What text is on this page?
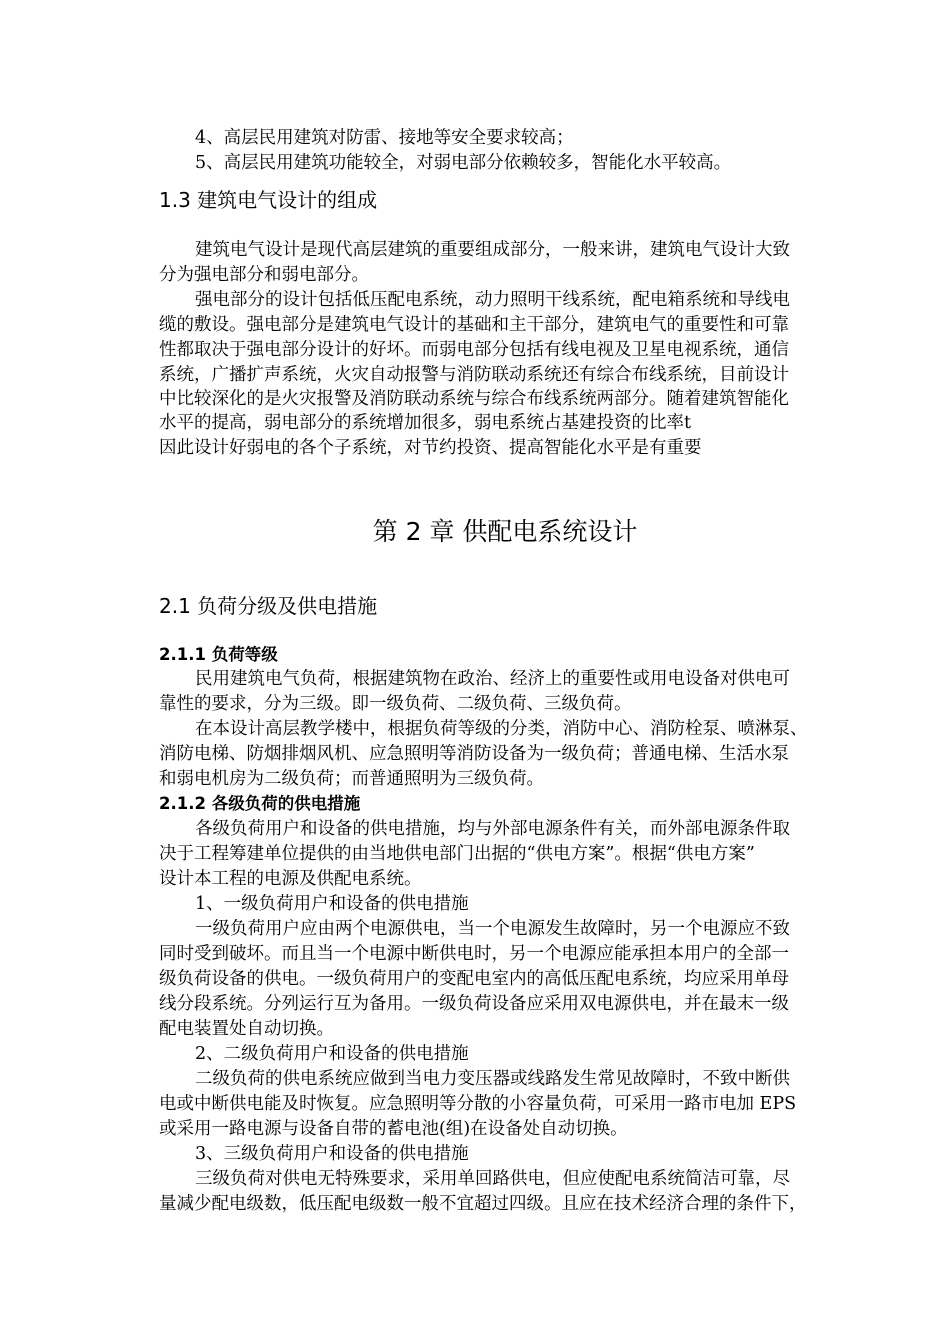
4、高层民用建筑对防雷、接地等安全要求较高；
5、高层民用建筑功能较全，对弱电部分依赖较多，智能化水平较高。
1.3 建筑电气设计的组成
建筑电气设计是现代高层建筑的重要组成部分，一般来讲，建筑电气设计大致
分为强电部分和弱电部分。
强电部分的设计包括低压配电系统，动力照明干线系统，配电箱系统和导线电
缆的敷设。强电部分是建筑电气设计的基础和主干部分，建筑电气的重要性和可靠
性都取决于强电部分设计的好坏。而弱电部分包括有线电视及卫星电视系统，通信
系统，广播扩声系统，火灾自动报警与消防联动系统还有综合布线系统，目前设计
中比较深化的是火灾报警及消防联动系统与综合布线系统两部分。随着建筑智能化
水平的提高，弱电部分的系统增加很多，弱电系统占基建投资的比率t
因此设计好弱电的各个子系统，对节约投资、提高智能化水平是有重要
第 2 章 供配电系统设计
2.1 负荷分级及供电措施
2.1.1 负荷等级
民用建筑电气负荷，根据建筑物在政治、经济上的重要性或用电设备对供电可
靠性的要求，分为三级。即一级负荷、二级负荷、三级负荷。
在本设计高层教学楼中，根据负荷等级的分类，消防中心、消防栓泵、喷淋泵、
消防电梯、防烟排烟风机、应急照明等消防设备为一级负荷；普通电梯、生活水泵
和弱电机房为二级负荷；而普通照明为三级负荷。
2.1.2 各级负荷的供电措施
各级负荷用户和设备的供电措施，均与外部电源条件有关，而外部电源条件取
决于工程筹建单位提供的由当地供电部门出据的“供电方案”。根据“供电方案”
设计本工程的电源及供配电系统。
1、一级负荷用户和设备的供电措施
一级负荷用户应由两个电源供电，当一个电源发生故障时，另一个电源应不致
同时受到破坏。而且当一个电源中断供电时，另一个电源应能承担本用户的全部一
级负荷设备的供电。一级负荷用户的变配电室内的高低压配电系统，均应采用单母
线分段系统。分列运行互为备用。一级负荷设备应采用双电源供电，并在最末一级
配电装置处自动切换。
2、二级负荷用户和设备的供电措施
二级负荷的供电系统应做到当电力变压器或线路发生常见故障时，不致中断供
电或中断供电能及时恢复。应急照明等分散的小容量负荷，可采用一路市电加 EPS
或采用一路电源与设备自带的蓄电池(组)在设备处自动切换。
3、三级负荷用户和设备的供电措施
三级负荷对供电无特殊要求，采用单回路供电，但应使配电系统简洁可靠，尽
量减少配电级数，低压配电级数一般不宜超过四级。且应在技术经济合理的条件下，
